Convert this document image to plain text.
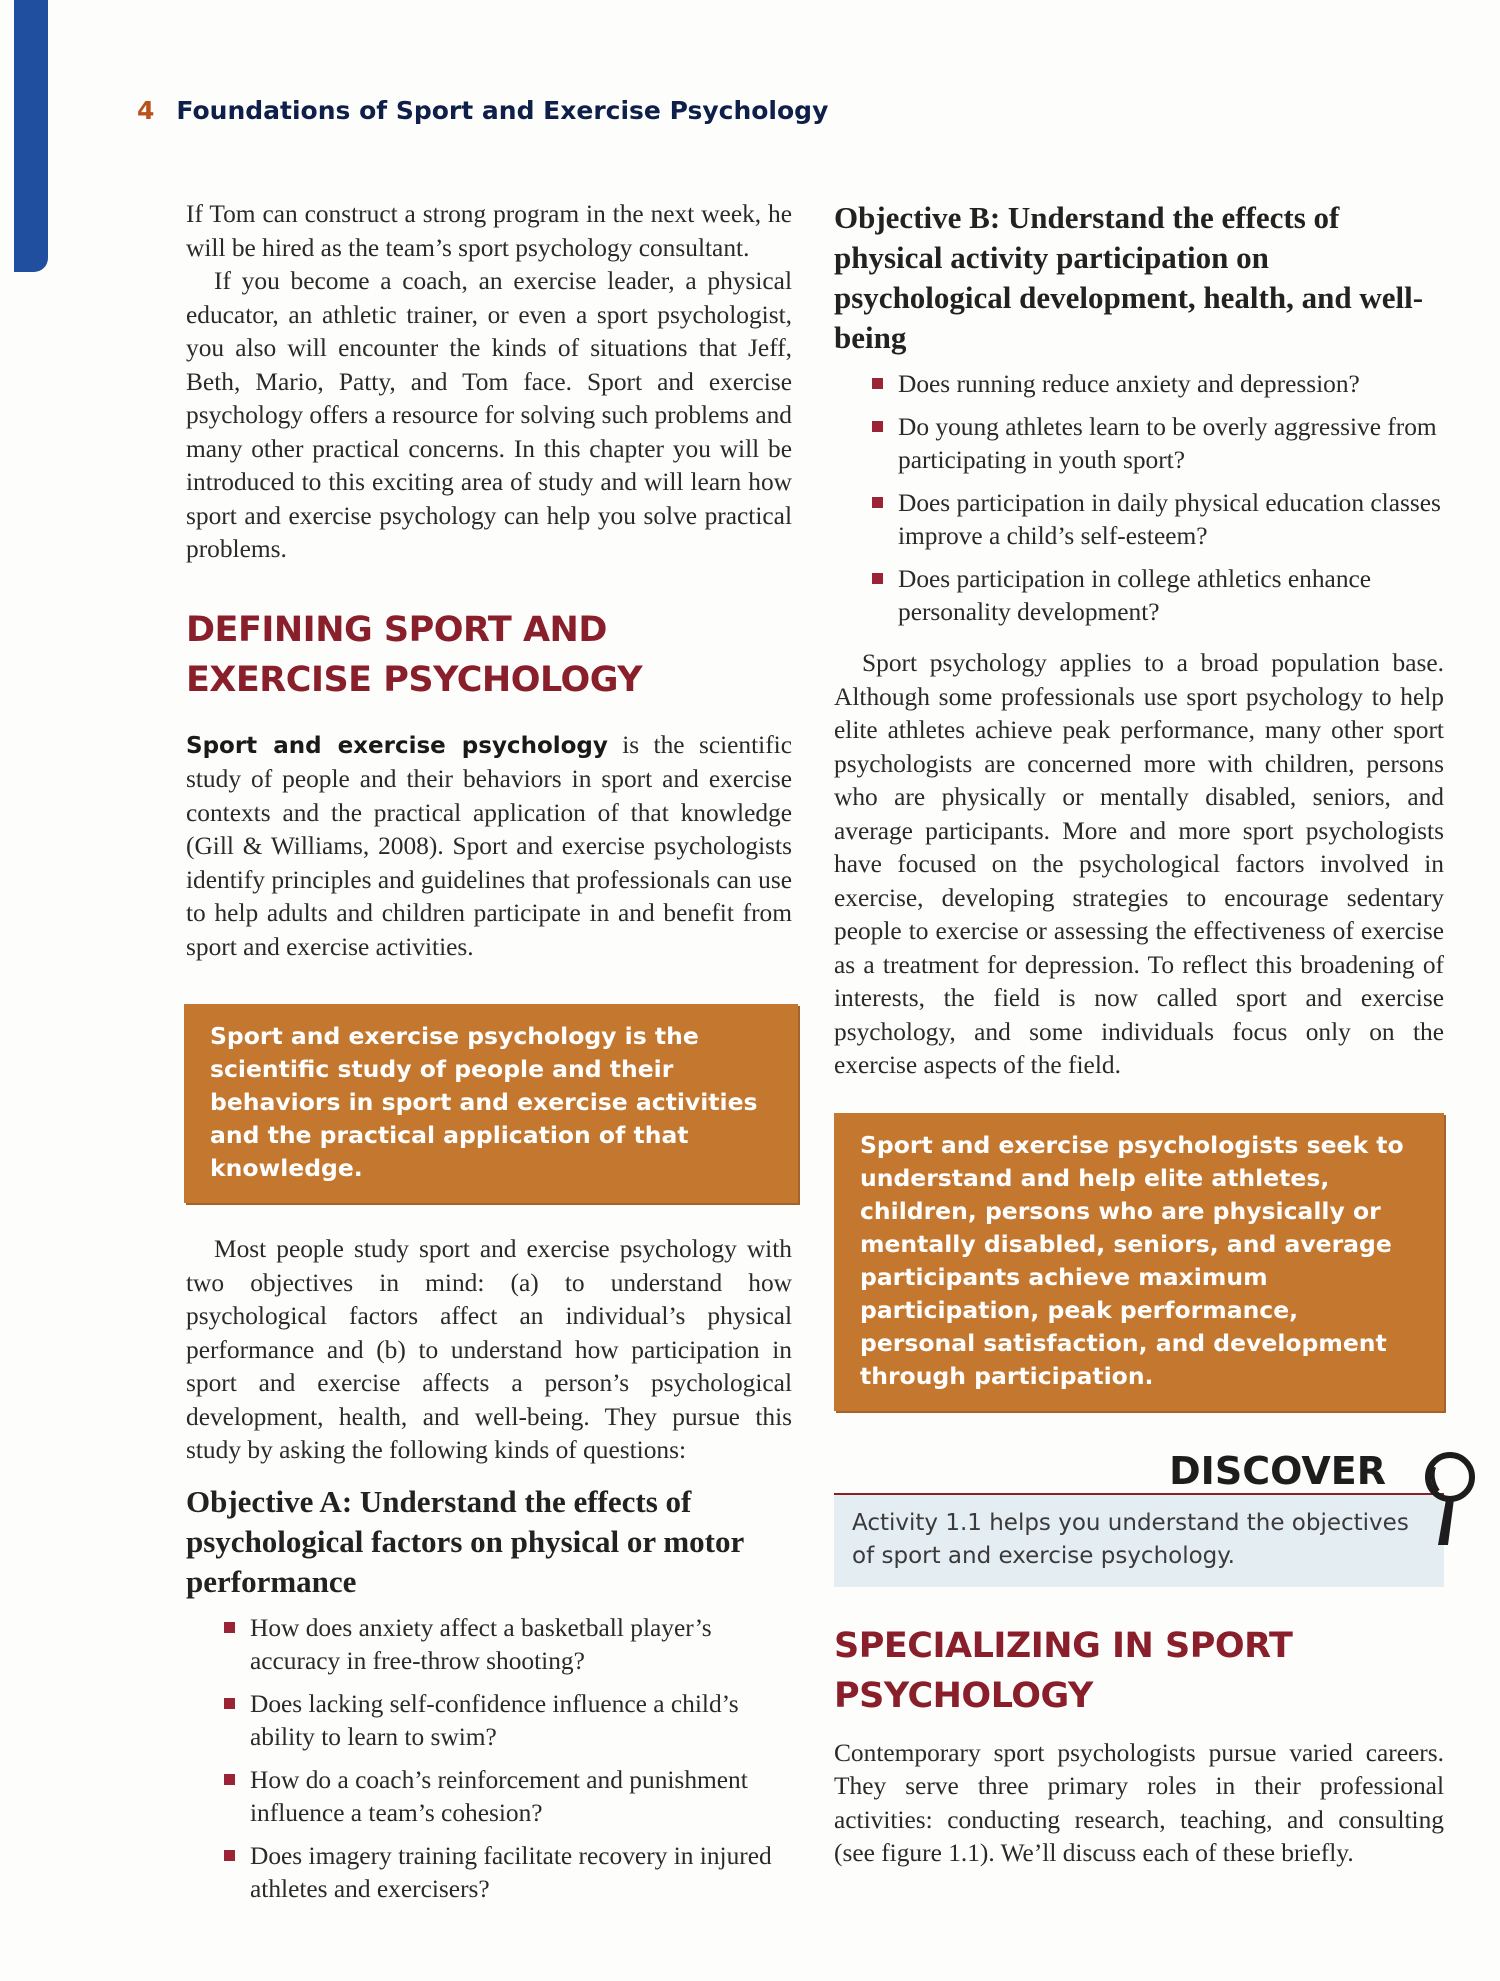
4 Foundations of Sport and Exercise Psychology

If Tom can construct a strong program in the next week, he will be hired as the team’s sport psychology consultant.

If you become a coach, an exercise leader, a physical educator, an athletic trainer, or even a sport psychologist, you also will encounter the kinds of situations that Jeff, Beth, Mario, Patty, and Tom face. Sport and exercise psychology offers a resource for solving such problems and many other practical concerns. In this chapter you will be introduced to this exciting area of study and will learn how sport and exercise psychology can help you solve practical problems.

DEFINING SPORT AND EXERCISE PSYCHOLOGY

Sport and exercise psychology is the scientific study of people and their behaviors in sport and exercise contexts and the practical application of that knowledge (Gill & Williams, 2008). Sport and exercise psychologists identify principles and guidelines that professionals can use to help adults and children participate in and benefit from sport and exercise activities.

Sport and exercise psychology is the scientific study of people and their behaviors in sport and exercise activities and the practical application of that knowledge.

Most people study sport and exercise psychology with two objectives in mind: (a) to understand how psychological factors affect an individual’s physical performance and (b) to understand how participation in sport and exercise affects a person’s psychological development, health, and well-being. They pursue this study by asking the following kinds of questions:

Objective A: Understand the effects of psychological factors on physical or motor performance
How does anxiety affect a basketball player’s accuracy in free-throw shooting?
Does lacking self-confidence influence a child’s ability to learn to swim?
How do a coach’s reinforcement and punishment influence a team’s cohesion?
Does imagery training facilitate recovery in injured athletes and exercisers?
Objective B: Understand the effects of physical activity participation on psychological development, health, and well-being
Does running reduce anxiety and depression?
Do young athletes learn to be overly aggressive from participating in youth sport?
Does participation in daily physical education classes improve a child’s self-esteem?
Does participation in college athletics enhance personality development?

Sport psychology applies to a broad population base. Although some professionals use sport psychology to help elite athletes achieve peak performance, many other sport psychologists are concerned more with children, persons who are physically or mentally disabled, seniors, and average participants. More and more sport psychologists have focused on the psychological factors involved in exercise, developing strategies to encourage sedentary people to exercise or assessing the effectiveness of exercise as a treatment for depression. To reflect this broadening of interests, the field is now called sport and exercise psychology, and some individuals focus only on the exercise aspects of the field.

Sport and exercise psychologists seek to understand and help elite athletes, children, persons who are physically or mentally disabled, seniors, and average participants achieve maximum participation, peak performance, personal satisfaction, and development through participation.
DISCOVER
Activity 1.1 helps you understand the objectives of sport and exercise psychology.
SPECIALIZING IN SPORT PSYCHOLOGY

Contemporary sport psychologists pursue varied careers. They serve three primary roles in their professional activities: conducting research, teaching, and consulting (see figure 1.1). We’ll discuss each of these briefly.
